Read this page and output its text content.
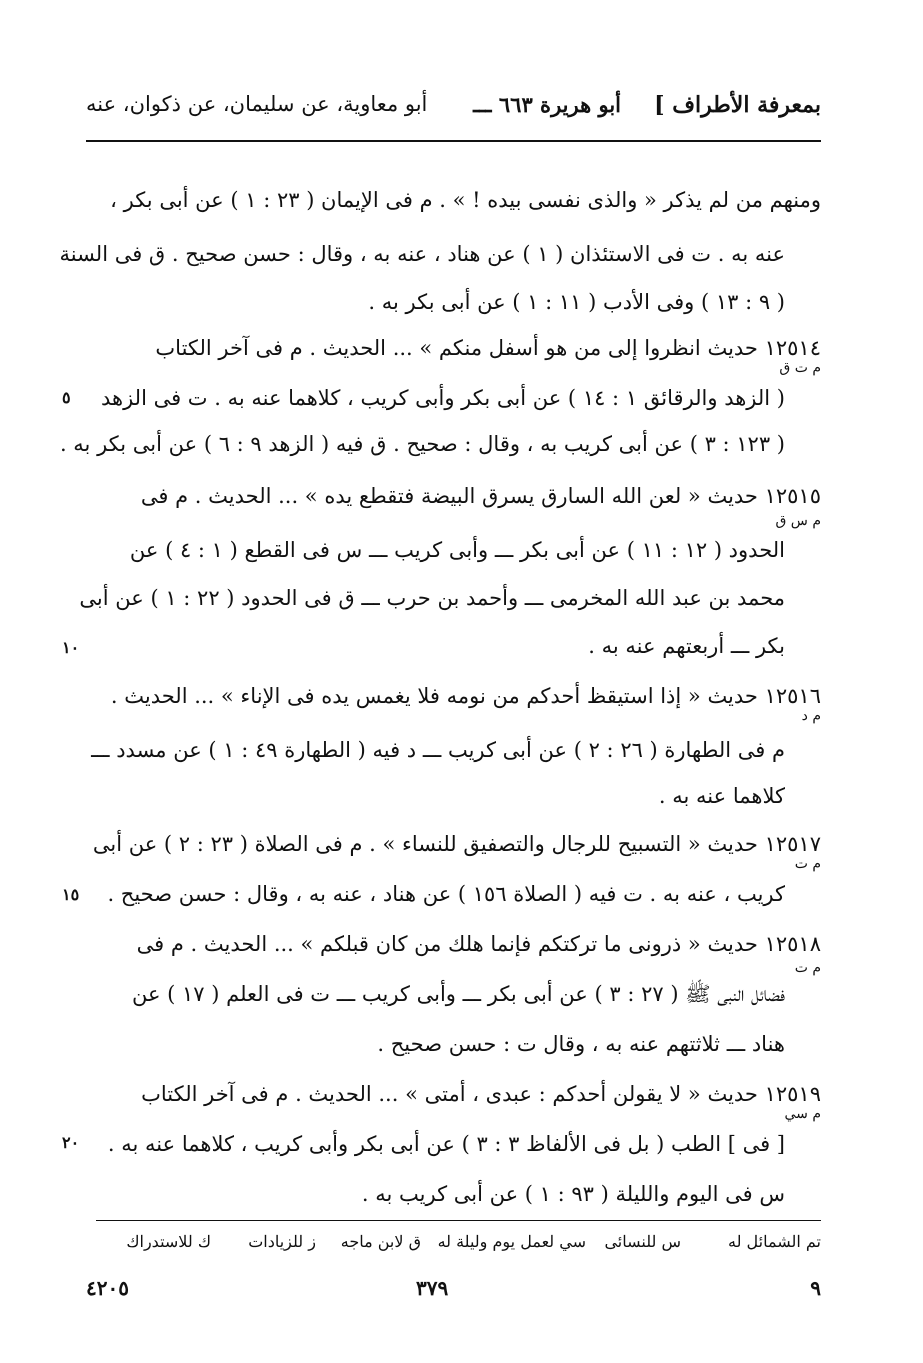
بمعرفة الأطراف ]
أبو هريرة ٦٦٣ ـــ
أبو معاوية، عن سليمان، عن ذكوان، عنه
ومنهم من لم يذكر « والذى نفسى بيده ! » . م فى الإيمان ( ٢٣ : ١ ) عن أبى بكر ،
عنه به . ت فى الاستئذان ( ١ ) عن هناد ، عنه به ، وقال : حسن صحيح . ق فى السنة
( ٩ : ١٣ ) وفى الأدب ( ١١ : ١ ) عن أبى بكر به .
١٢٥١٤ حديث انظروا إلى من هو أسفل منكم » ... الحديث . م فى آخر الكتاب
( الزهد والرقائق ١ : ١٤ ) عن أبى بكر وأبى كريب ، كلاهما عنه به . ت فى الزهد
( ١٢٣ : ٣ ) عن أبى كريب به ، وقال : صحيح . ق فيه ( الزهد ٩ : ٦ ) عن أبى بكر به .
١٢٥١٥ حديث « لعن الله السارق يسرق البيضة فتقطع يده » ... الحديث . م فى
الحدود ( ١٢ : ١١ ) عن أبى بكر ـــ وأبى كريب ـــ س فى القطع ( ١ : ٤ ) عن
محمد بن عبد الله المخرمى ـــ وأحمد بن حرب ـــ ق فى الحدود ( ٢٢ : ١ ) عن أبى
بكر ـــ أربعتهم عنه به .
١٢٥١٦ حديث « إذا استيقظ أحدكم من نومه فلا يغمس يده فى الإناء » ... الحديث .
م فى الطهارة ( ٢٦ : ٢ ) عن أبى كريب ـــ د فيه ( الطهارة ٤٩ : ١ ) عن مسدد ـــ
كلاهما عنه به .
١٢٥١٧ حديث « التسبيح للرجال والتصفيق للنساء » . م فى الصلاة ( ٢٣ : ٢ ) عن أبى
كريب ، عنه به . ت فيه ( الصلاة ١٥٦ ) عن هناد ، عنه به ، وقال : حسن صحيح .
١٢٥١٨ حديث « ذرونى ما تركتكم فإنما هلك من كان قبلكم » ... الحديث . م فى
فضائل النبى ﷺ ( ٢٧ : ٣ ) عن أبى بكر ـــ وأبى كريب ـــ ت فى العلم ( ١٧ ) عن
هناد ـــ ثلاثتهم عنه به ، وقال ت : حسن صحيح .
١٢٥١٩ حديث « لا يقولن أحدكم : عبدى ، أمتى » ... الحديث . م فى آخر الكتاب
[ فى ] الطب ( بل فى الألفاظ ٣ : ٣ ) عن أبى بكر وأبى كريب ، كلاهما عنه به .
س فى اليوم والليلة ( ٩٣ : ١ ) عن أبى كريب به .
م ت ق
م س ق
م د
م ت
م ت
م سي
٥
١٠
١٥
٢٠
تم الشمائل له
س للنسائى
سي لعمل يوم وليلة له
ق لابن ماجه
ز للزيادات
ك للاستدراك
٩
٣٧٩
٤٢٠٥
